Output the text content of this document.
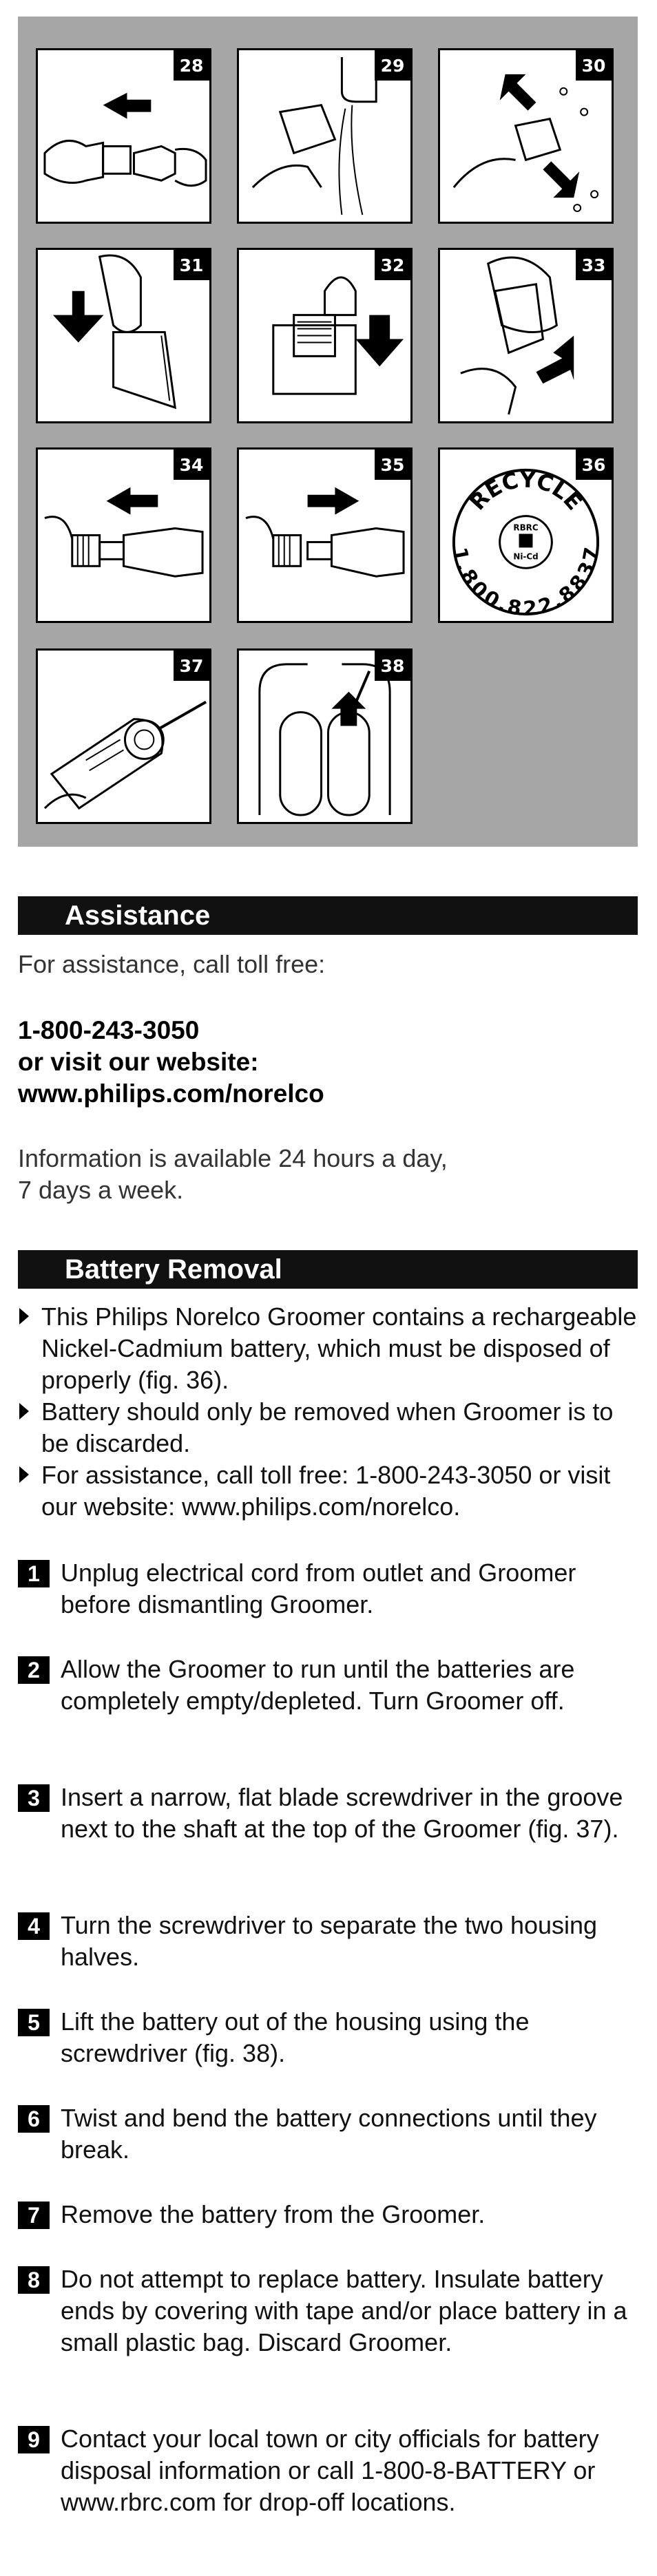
28	29	30
31	32	33
34	35
RECYCLE
1.800.822.8837
RBRC
Ni-Cd
36
37	38
Assistance
For assistance, call toll free:
1-800-243-3050
or visit our website:
www.philips.com/norelco
Information is available 24 hours a day,
7 days a week.
Battery Removal
This Philips Norelco Groomer contains a rechargeable Nickel-Cadmium battery, which must be disposed of properly (fig. 36).
Battery should only be removed when Groomer is to be discarded.
For assistance, call toll free: 1-800-243-3050 or visit our website: www.philips.com/norelco.
1 Unplug electrical cord from outlet and Groomer before dismantling Groomer.
2 Allow the Groomer to run until the batteries are completely empty/depleted. Turn Groomer off.
3 Insert a narrow, flat blade screwdriver in the groove next to the shaft at the top of the Groomer (fig. 37).
4 Turn the screwdriver to separate the two housing halves.
5 Lift the battery out of the housing using the screwdriver (fig. 38).
6 Twist and bend the battery connections until they break.
7 Remove the battery from the Groomer.
8 Do not attempt to replace battery. Insulate battery ends by covering with tape and/or place battery in a small plastic bag. Discard Groomer.
9 Contact your local town or city officials for battery disposal information or call 1-800-8-BATTERY or www.rbrc.com for drop-off locations.
